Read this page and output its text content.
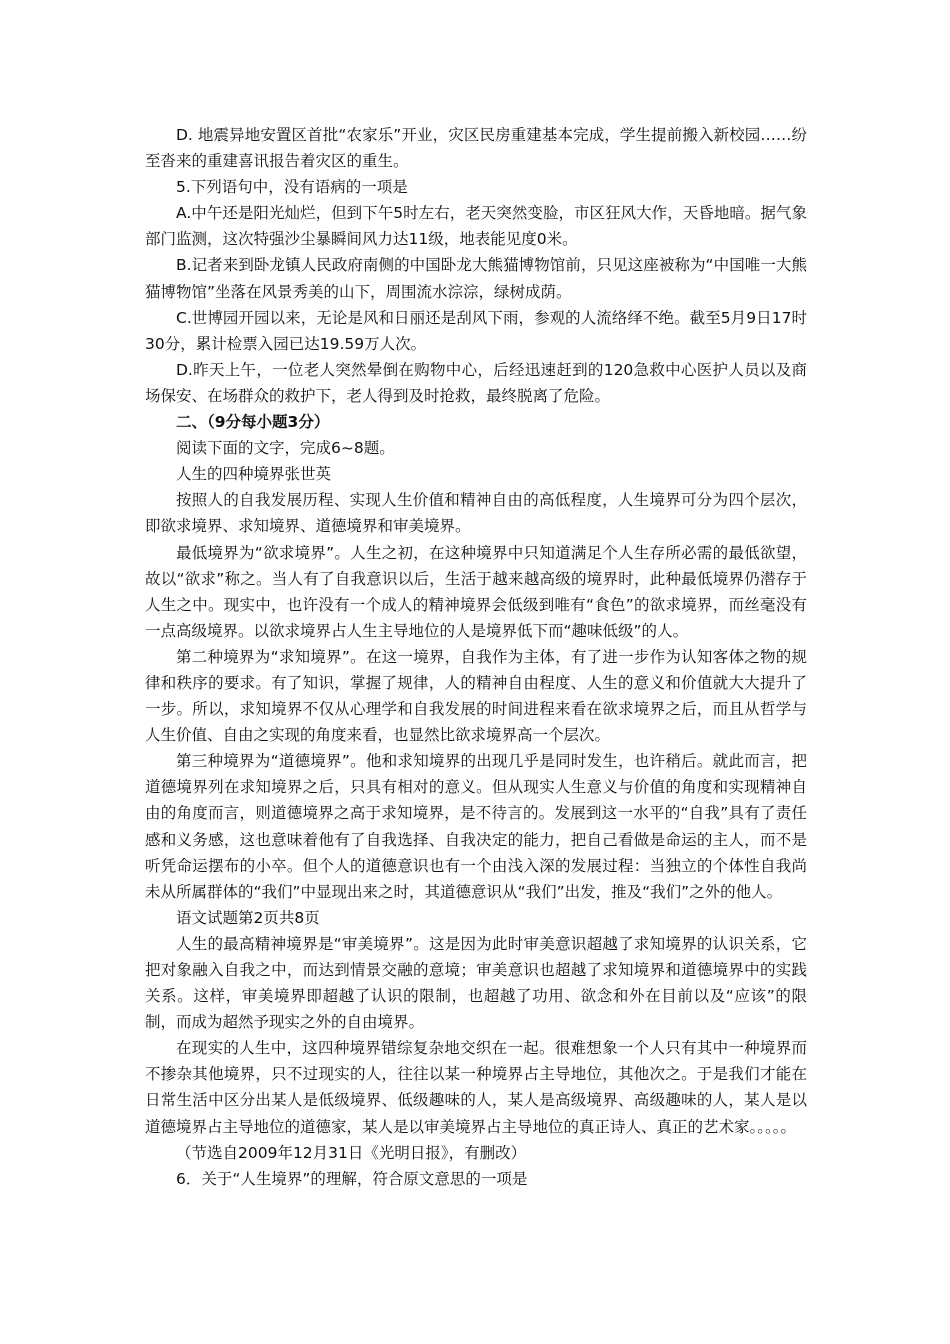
D. 地震异地安置区首批“农家乐”开业，灾区民房重建基本完成，学生提前搬入新校园……纷至沓来的重建喜讯报告着灾区的重生。

5.下列语句中，没有语病的一项是

A.中午还是阳光灿烂，但到下午5时左右，老天突然变脸，市区狂风大作，天昏地暗。据气象部门监测，这次特强沙尘暴瞬间风力达11级，地表能见度0米。

B.记者来到卧龙镇人民政府南侧的中国卧龙大熊猫博物馆前，只见这座被称为“中国唯一大熊猫博物馆”坐落在风景秀美的山下，周围流水淙淙，绿树成荫。

C.世博园开园以来，无论是风和日丽还是刮风下雨，参观的人流络绎不绝。截至5月9日17时30分，累计检票入园已达19.59万人次。

D.昨天上午，一位老人突然晕倒在购物中心，后经迅速赶到的120急救中心医护人员以及商场保安、在场群众的救护下，老人得到及时抢救，最终脱离了危险。

二、（9分每小题3分）

阅读下面的文字，完成6~8题。

人生的四种境界张世英

按照人的自我发展历程、实现人生价值和精神自由的高低程度，人生境界可分为四个层次，即欲求境界、求知境界、道德境界和审美境界。

最低境界为“欲求境界”。人生之初，在这种境界中只知道满足个人生存所必需的最低欲望，故以“欲求”称之。当人有了自我意识以后，生活于越来越高级的境界时，此种最低境界仍潜存于人生之中。现实中，也许没有一个成人的精神境界会低级到唯有“食色”的欲求境界，而丝毫没有一点高级境界。以欲求境界占人生主导地位的人是境界低下而“趣味低级”的人。

第二种境界为“求知境界”。在这一境界，自我作为主体，有了进一步作为认知客体之物的规律和秩序的要求。有了知识，掌握了规律，人的精神自由程度、人生的意义和价值就大大提升了一步。所以，求知境界不仅从心理学和自我发展的时间进程来看在欲求境界之后，而且从哲学与人生价值、自由之实现的角度来看，也显然比欲求境界高一个层次。

第三种境界为“道德境界”。他和求知境界的出现几乎是同时发生，也许稍后。就此而言，把道德境界列在求知境界之后，只具有相对的意义。但从现实人生意义与价值的角度和实现精神自由的角度而言，则道德境界之高于求知境界，是不待言的。发展到这一水平的“自我”具有了责任感和义务感，这也意味着他有了自我选择、自我决定的能力，把自己看做是命运的主人，而不是听凭命运摆布的小卒。但个人的道德意识也有一个由浅入深的发展过程：当独立的个体性自我尚未从所属群体的“我们”中显现出来之时，其道德意识从“我们”出发，推及“我们”之外的他人。

语文试题第2页共8页

人生的最高精神境界是“审美境界”。这是因为此时审美意识超越了求知境界的认识关系，它把对象融入自我之中，而达到情景交融的意境；审美意识也超越了求知境界和道德境界中的实践关系。这样，审美境界即超越了认识的限制，也超越了功用、欲念和外在目前以及“应该”的限制，而成为超然予现实之外的自由境界。

在现实的人生中，这四种境界错综复杂地交织在一起。很难想象一个人只有其中一种境界而不掺杂其他境界，只不过现实的人，往往以某一种境界占主导地位，其他次之。于是我们才能在日常生活中区分出某人是低级境界、低级趣味的人，某人是高级境界、高级趣味的人，某人是以道德境界占主导地位的道德家，某人是以审美境界占主导地位的真正诗人、真正的艺术家。。。。。

（节选自2009年12月31日《光明日报》，有删改）

6．关于“人生境界”的理解，符合原文意思的一项是
